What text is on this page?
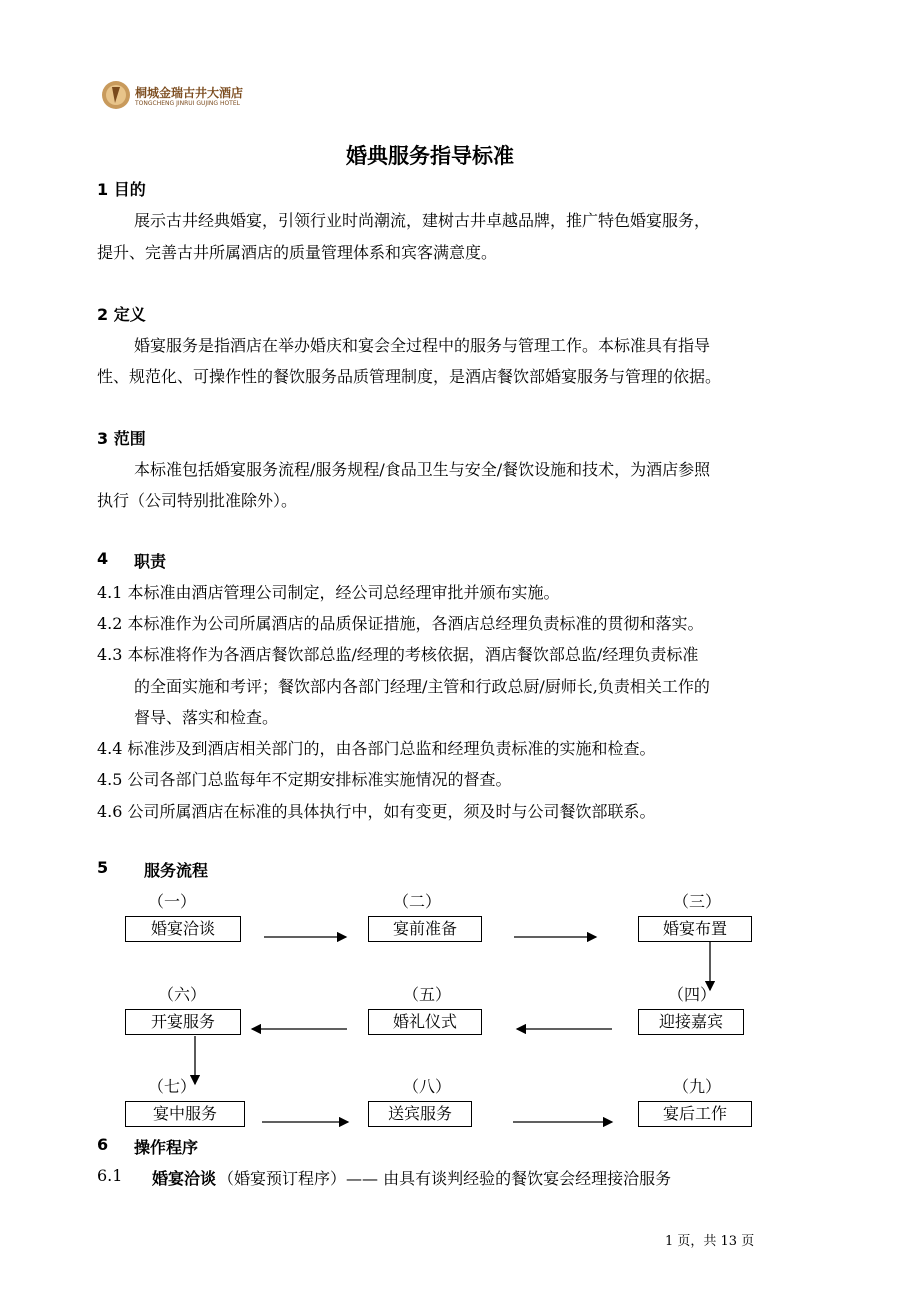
桐城金瑞古井大酒店
TONGCHENG JINRUI GUJING HOTEL
婚典服务指导标准
1 目的
展示古井经典婚宴，引领行业时尚潮流，建树古井卓越品牌，推广特色婚宴服务，
提升、完善古井所属酒店的质量管理体系和宾客满意度。
2 定义
婚宴服务是指酒店在举办婚庆和宴会全过程中的服务与管理工作。本标准具有指导
性、规范化、可操作性的餐饮服务品质管理制度，是酒店餐饮部婚宴服务与管理的依据。
3 范围
本标准包括婚宴服务流程/服务规程/食品卫生与安全/餐饮设施和技术，为酒店参照
执行（公司特别批准除外）。
4 职责
4.1 本标准由酒店管理公司制定，经公司总经理审批并颁布实施。
4.2 本标准作为公司所属酒店的品质保证措施，各酒店总经理负责标准的贯彻和落实。
4.3 本标准将作为各酒店餐饮部总监/经理的考核依据，酒店餐饮部总监/经理负责标准
的全面实施和考评；餐饮部内各部门经理/主管和行政总厨/厨师长,负责相关工作的
督导、落实和检查。
4.4 标准涉及到酒店相关部门的，由各部门总监和经理负责标准的实施和检查。
4.5 公司各部门总监每年不定期安排标准实施情况的督查。
4.6 公司所属酒店在标准的具体执行中，如有变更，须及时与公司餐饮部联系。
5 服务流程
（一）
婚宴洽谈
（二）
宴前准备
（三）
婚宴布置
（六）
开宴服务
（五）
婚礼仪式
（四）
迎接嘉宾
（七）
宴中服务
（八）
送宾服务
（九）
宴后工作
6 操作程序
6.1 婚宴洽谈 （婚宴预订程序）—— 由具有谈判经验的餐饮宴会经理接洽服务
1 页，共 13 页
